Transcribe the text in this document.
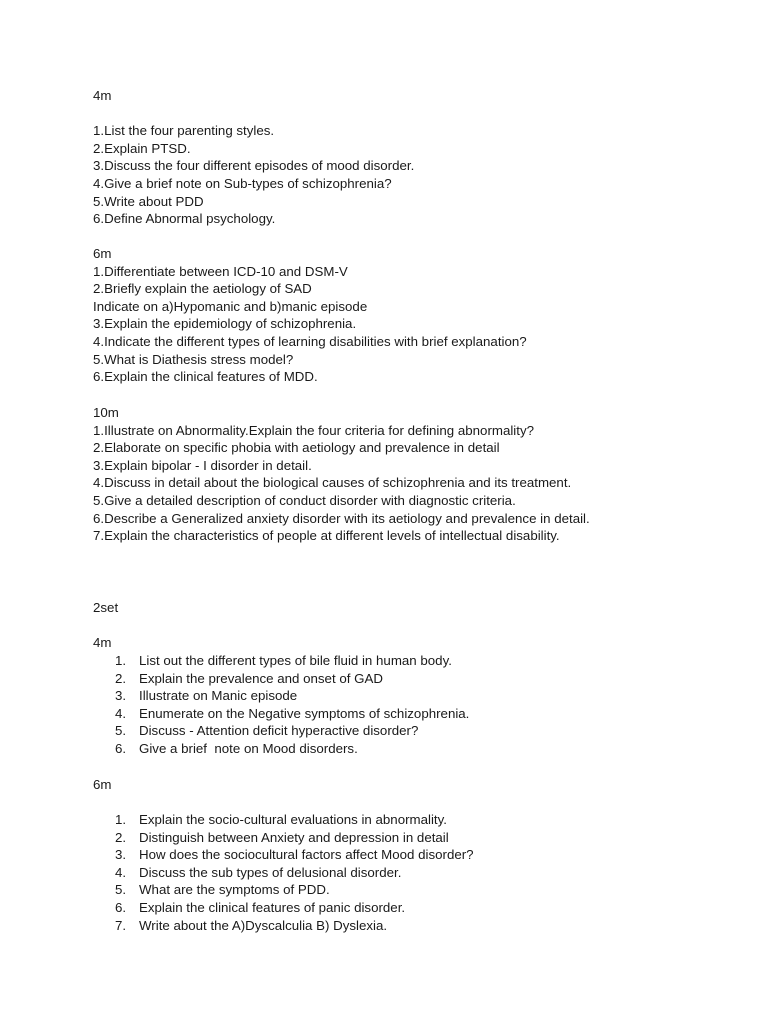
4m
1.List the four parenting styles.
2.Explain PTSD.
3.Discuss the four different episodes of mood disorder.
4.Give a brief note on Sub-types of schizophrenia?
5.Write about PDD
6.Define Abnormal psychology.
6m
1.Differentiate between ICD-10 and DSM-V
2.Briefly explain the aetiology of SAD
Indicate on a)Hypomanic and b)manic episode
3.Explain the epidemiology of schizophrenia.
4.Indicate the different types of learning disabilities with brief explanation?
5.What is Diathesis stress model?
6.Explain the clinical features of MDD.
10m
1.Illustrate on Abnormality.Explain the four criteria for defining abnormality?
2.Elaborate on specific phobia with aetiology and prevalence in detail
3.Explain bipolar - I disorder in detail.
4.Discuss in detail about the biological causes of schizophrenia and its treatment.
5.Give a detailed description of conduct disorder with diagnostic criteria.
6.Describe a Generalized anxiety disorder with its aetiology and prevalence in detail.
7.Explain the characteristics of people at different levels of intellectual disability.
2set
4m
1. List out the different types of bile fluid in human body.
2. Explain the prevalence and onset of GAD
3. Illustrate on Manic episode
4. Enumerate on the Negative symptoms of schizophrenia.
5. Discuss - Attention deficit hyperactive disorder?
6. Give a brief  note on Mood disorders.
6m
1. Explain the socio-cultural evaluations in abnormality.
2. Distinguish between Anxiety and depression in detail
3. How does the sociocultural factors affect Mood disorder?
4. Discuss the sub types of delusional disorder.
5. What are the symptoms of PDD.
6. Explain the clinical features of panic disorder.
7. Write about the A)Dyscalculia B) Dyslexia.
